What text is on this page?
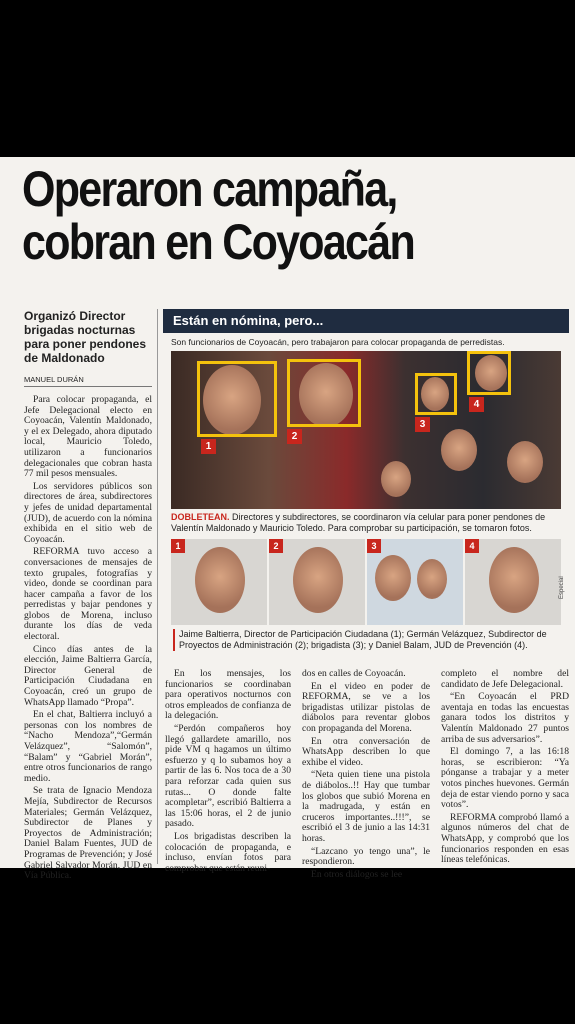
Operaron campaña,
cobran en Coyoacán
Organizó Director brigadas nocturnas para poner pendones de Maldonado
MANUEL DURÁN

Para colocar propaganda, el Jefe Delegacional electo en Coyoacán, Valentín Maldonado, y el ex Delegado, ahora diputado local, Mauricio Toledo, utilizaron a funcionarios delegacionales que cobran hasta 77 mil pesos mensuales.

Los servidores públicos son directores de área, subdirectores y jefes de unidad departamental (JUD), de acuerdo con la nómina exhibida en el sitio web de Coyoacán.

REFORMA tuvo acceso a conversaciones de mensajes de texto grupales, fotografías y video, donde se coordinan para hacer campaña a favor de los perredistas y bajar pendones y globos de Morena, incluso durante los días de veda electoral.

Cinco días antes de la elección, Jaime Baltierra García, Director General de Participación Ciudadana en Coyoacán, creó un grupo de WhatsApp llamado “Propa”.

En el chat, Baltierra incluyó a personas con los nombres de “Nacho Mendoza”,“Germán Velázquez”, “Salomón”, “Balam” y “Gabriel Morán”, entre otros funcionarios de rango medio.

Se trata de Ignacio Mendoza Mejía, Subdirector de Recursos Materiales; Germán Velázquez, Subdirector de Planes y Proyectos de Administración; Daniel Balam Fuentes, JUD de Programas de Prevención; y José Gabriel Salvador Morán, JUD en Vía Pública.

Están en nómina, pero...
Son funcionarios de Coyoacán, pero trabajaron para colocar propaganda de perredistas.
1
2
3
4
DOBLETEAN. Directores y subdirectores, se coordinaron vía celular para poner pendones de Valentín Maldonado y Mauricio Toledo. Para comprobar su participación, se tomaron fotos.
1	2	3	4
Especial
Jaime Baltierra, Director de Participación Ciudadana (1); Germán Velázquez, Subdirector de Proyectos de Administración (2); brigadista (3); y Daniel Balam, JUD de Prevención (4).

En los mensajes, los funcionarios se coordinaban para operativos nocturnos con otros empleados de confianza de la delegación.

“Perdón compañeros hoy llegó gallardete amarillo, nos pide VM q hagamos un último esfuerzo y q lo subamos hoy a partir de las 6. Nos toca de a 30 para reforzar cada quien sus rutas... O donde falte acompletar”, escribió Baltierra a las 15:06 horas, el 2 de junio pasado.

Los brigadistas describen la colocación de propaganda, e incluso, envían fotos para comprobar que están reuni-

dos en calles de Coyoacán.

En el video en poder de REFORMA, se ve a los brigadistas utilizar pistolas de diábolos para reventar globos con propaganda del Morena.

En otra conversación de WhatsApp describen lo que exhibe el video.

“Neta quien tiene una pistola de diábolos..!! Hay que tumbar los globos que subió Morena en la madrugada, y están en cruceros importantes..!!!”, se escribió el 3 de junio a las 14:31 horas.

“Lazcano yo tengo una”, le respondieron.

En otros diálogos se lee

completo el nombre del candidato de Jefe Delegacional.

“En Coyoacán el PRD aventaja en todas las encuestas ganara todos los distritos y Valentín Maldonado 27 puntos arriba de sus adversarios”.

El domingo 7, a las 16:18 horas, se escribieron: “Ya pónganse a trabajar y a meter votos pinches huevones. Germán deja de estar viendo porno y saca votos”.

REFORMA comprobó llamó a algunos números del chat de WhatsApp, y comprobó que los funcionarios responden en esas líneas telefónicas.
